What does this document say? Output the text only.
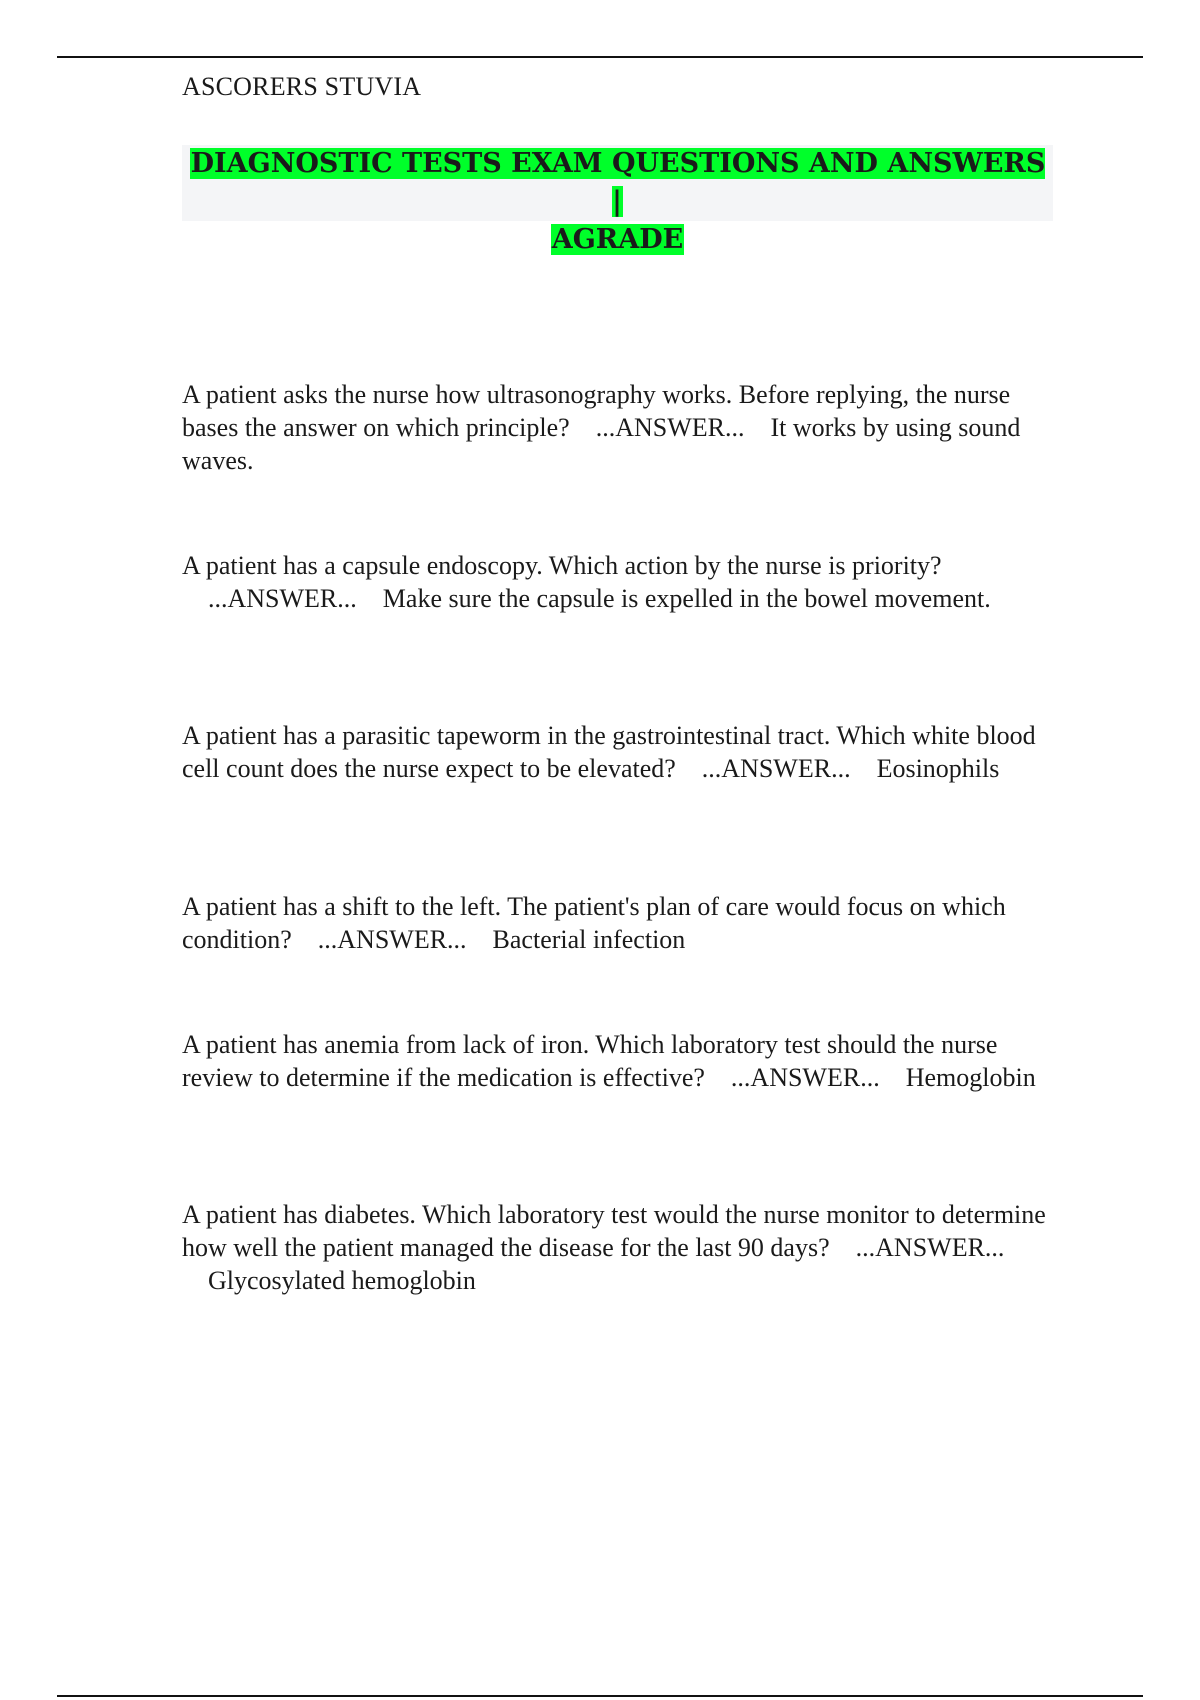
ASCORERS STUVIA
DIAGNOSTIC TESTS EXAM QUESTIONS AND ANSWERS |
AGRADE

A patient asks the nurse how ultrasonography works. Before replying, the nurse bases the answer on which principle? ...ANSWER... It works by using sound waves.

A patient has a capsule endoscopy. Which action by the nurse is priority?    ...ANSWER... Make sure the capsule is expelled in the bowel movement.

A patient has a parasitic tapeworm in the gastrointestinal tract. Which white blood cell count does the nurse expect to be elevated? ...ANSWER... Eosinophils

A patient has a shift to the left. The patient's plan of care would focus on which condition? ...ANSWER... Bacterial infection

A patient has anemia from lack of iron. Which laboratory test should the nurse review to determine if the medication is effective? ...ANSWER... Hemoglobin

A patient has diabetes. Which laboratory test would the nurse monitor to determine how well the patient managed the disease for the last 90 days? ...ANSWER...    Glycosylated hemoglobin
